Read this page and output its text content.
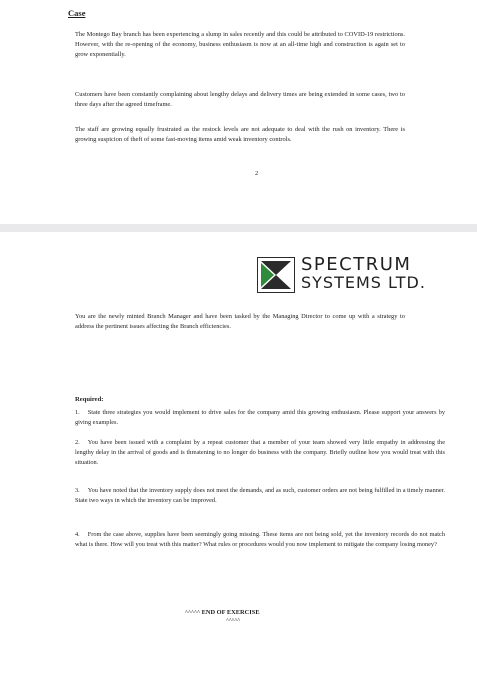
Case

The Montego Bay branch has been experiencing a slump in sales recently and this could be attributed to COVID-19 restrictions. However, with the re-opening of the economy, business enthusiasm is now at an all-time high and construction is again set to grow exponentially.

Customers have been constantly complaining about lengthy delays and delivery times are being extended in some cases, two to three days after the agreed timeframe.

The staff are growing equally frustrated as the restock levels are not adequate to deal with the rush on inventory. There is growing suspicion of theft of some fast-moving items amid weak inventory controls.

2

SPECTRUM
SYSTEMS LTD.

You are the newly minted Branch Manager and have been tasked by the Managing Director to come up with a strategy to address the pertinent issues affecting the Branch efficiencies.

Required:

1. State three strategies you would implement to drive sales for the company amid this growing enthusiasm. Please support your answers by giving examples.

2. You have been issued with a complaint by a repeat customer that a member of your team showed very little empathy in addressing the lengthy delay in the arrival of goods and is threatening to no longer do business with the company. Briefly outline how you would treat with this situation.

3. You have noted that the inventory supply does not meet the demands, and as such, customer orders are not being fulfilled in a timely manner. State two ways in which the inventory can be improved.

4. From the case above, supplies have been seemingly going missing. These items are not being sold, yet the inventory records do not match what is there. How will you treat with this matter? What rules or procedures would you now implement to mitigate the company losing money?

^^^^^ END OF EXERCISE

^^^^^
